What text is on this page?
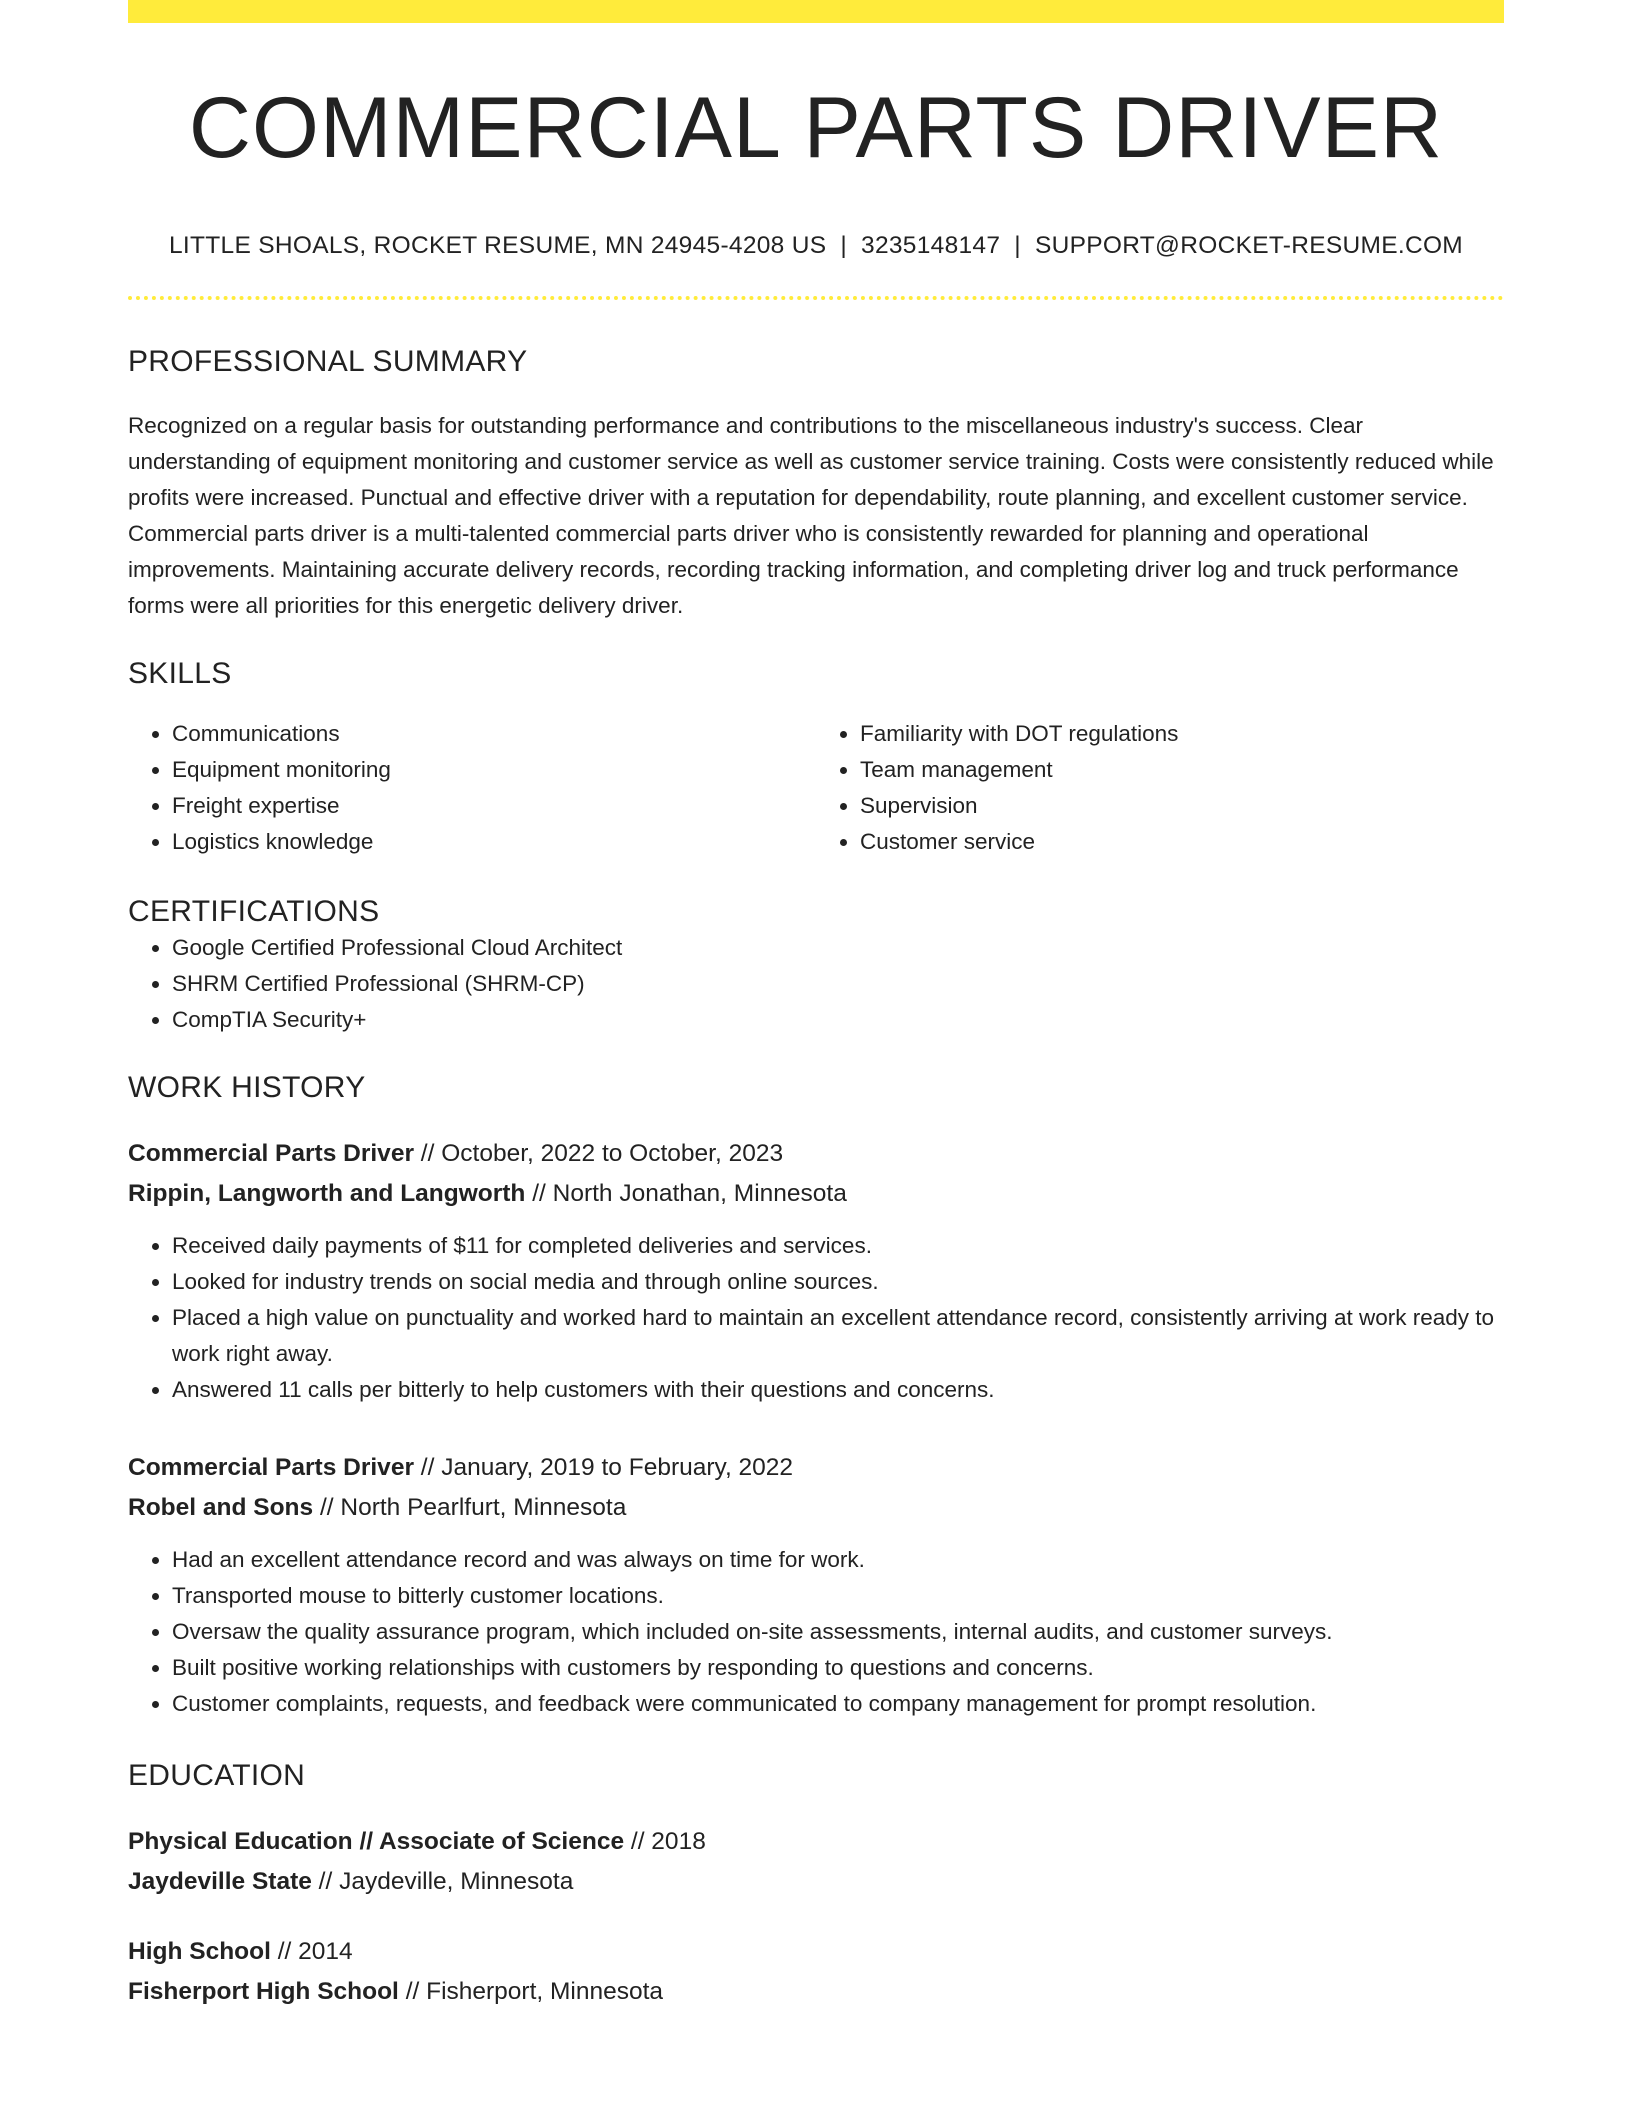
COMMERCIAL PARTS DRIVER
LITTLE SHOALS, ROCKET RESUME, MN 24945-4208 US | 3235148147 | SUPPORT@ROCKET-RESUME.COM
PROFESSIONAL SUMMARY

Recognized on a regular basis for outstanding performance and contributions to the miscellaneous industry's success. Clear understanding of equipment monitoring and customer service as well as customer service training. Costs were consistently reduced while profits were increased. Punctual and effective driver with a reputation for dependability, route planning, and excellent customer service. Commercial parts driver is a multi-talented commercial parts driver who is consistently rewarded for planning and operational improvements. Maintaining accurate delivery records, recording tracking information, and completing driver log and truck performance forms were all priorities for this energetic delivery driver.

SKILLS
• Communications
• Equipment monitoring
• Freight expertise
• Logistics knowledge
• Familiarity with DOT regulations
• Team management
• Supervision
• Customer service
CERTIFICATIONS
• Google Certified Professional Cloud Architect
• SHRM Certified Professional (SHRM-CP)
• CompTIA Security+
WORK HISTORY
Commercial Parts Driver // October, 2022 to October, 2023
Rippin, Langworth and Langworth // North Jonathan, Minnesota
• Received daily payments of $11 for completed deliveries and services.
• Looked for industry trends on social media and through online sources.
• Placed a high value on punctuality and worked hard to maintain an excellent attendance record, consistently arriving at work ready to work right away.
• Answered 11 calls per bitterly to help customers with their questions and concerns.
Commercial Parts Driver // January, 2019 to February, 2022
Robel and Sons // North Pearlfurt, Minnesota
• Had an excellent attendance record and was always on time for work.
• Transported mouse to bitterly customer locations.
• Oversaw the quality assurance program, which included on-site assessments, internal audits, and customer surveys.
• Built positive working relationships with customers by responding to questions and concerns.
• Customer complaints, requests, and feedback were communicated to company management for prompt resolution.
EDUCATION
Physical Education // Associate of Science // 2018
Jaydeville State // Jaydeville, Minnesota
High School // 2014
Fisherport High School // Fisherport, Minnesota
